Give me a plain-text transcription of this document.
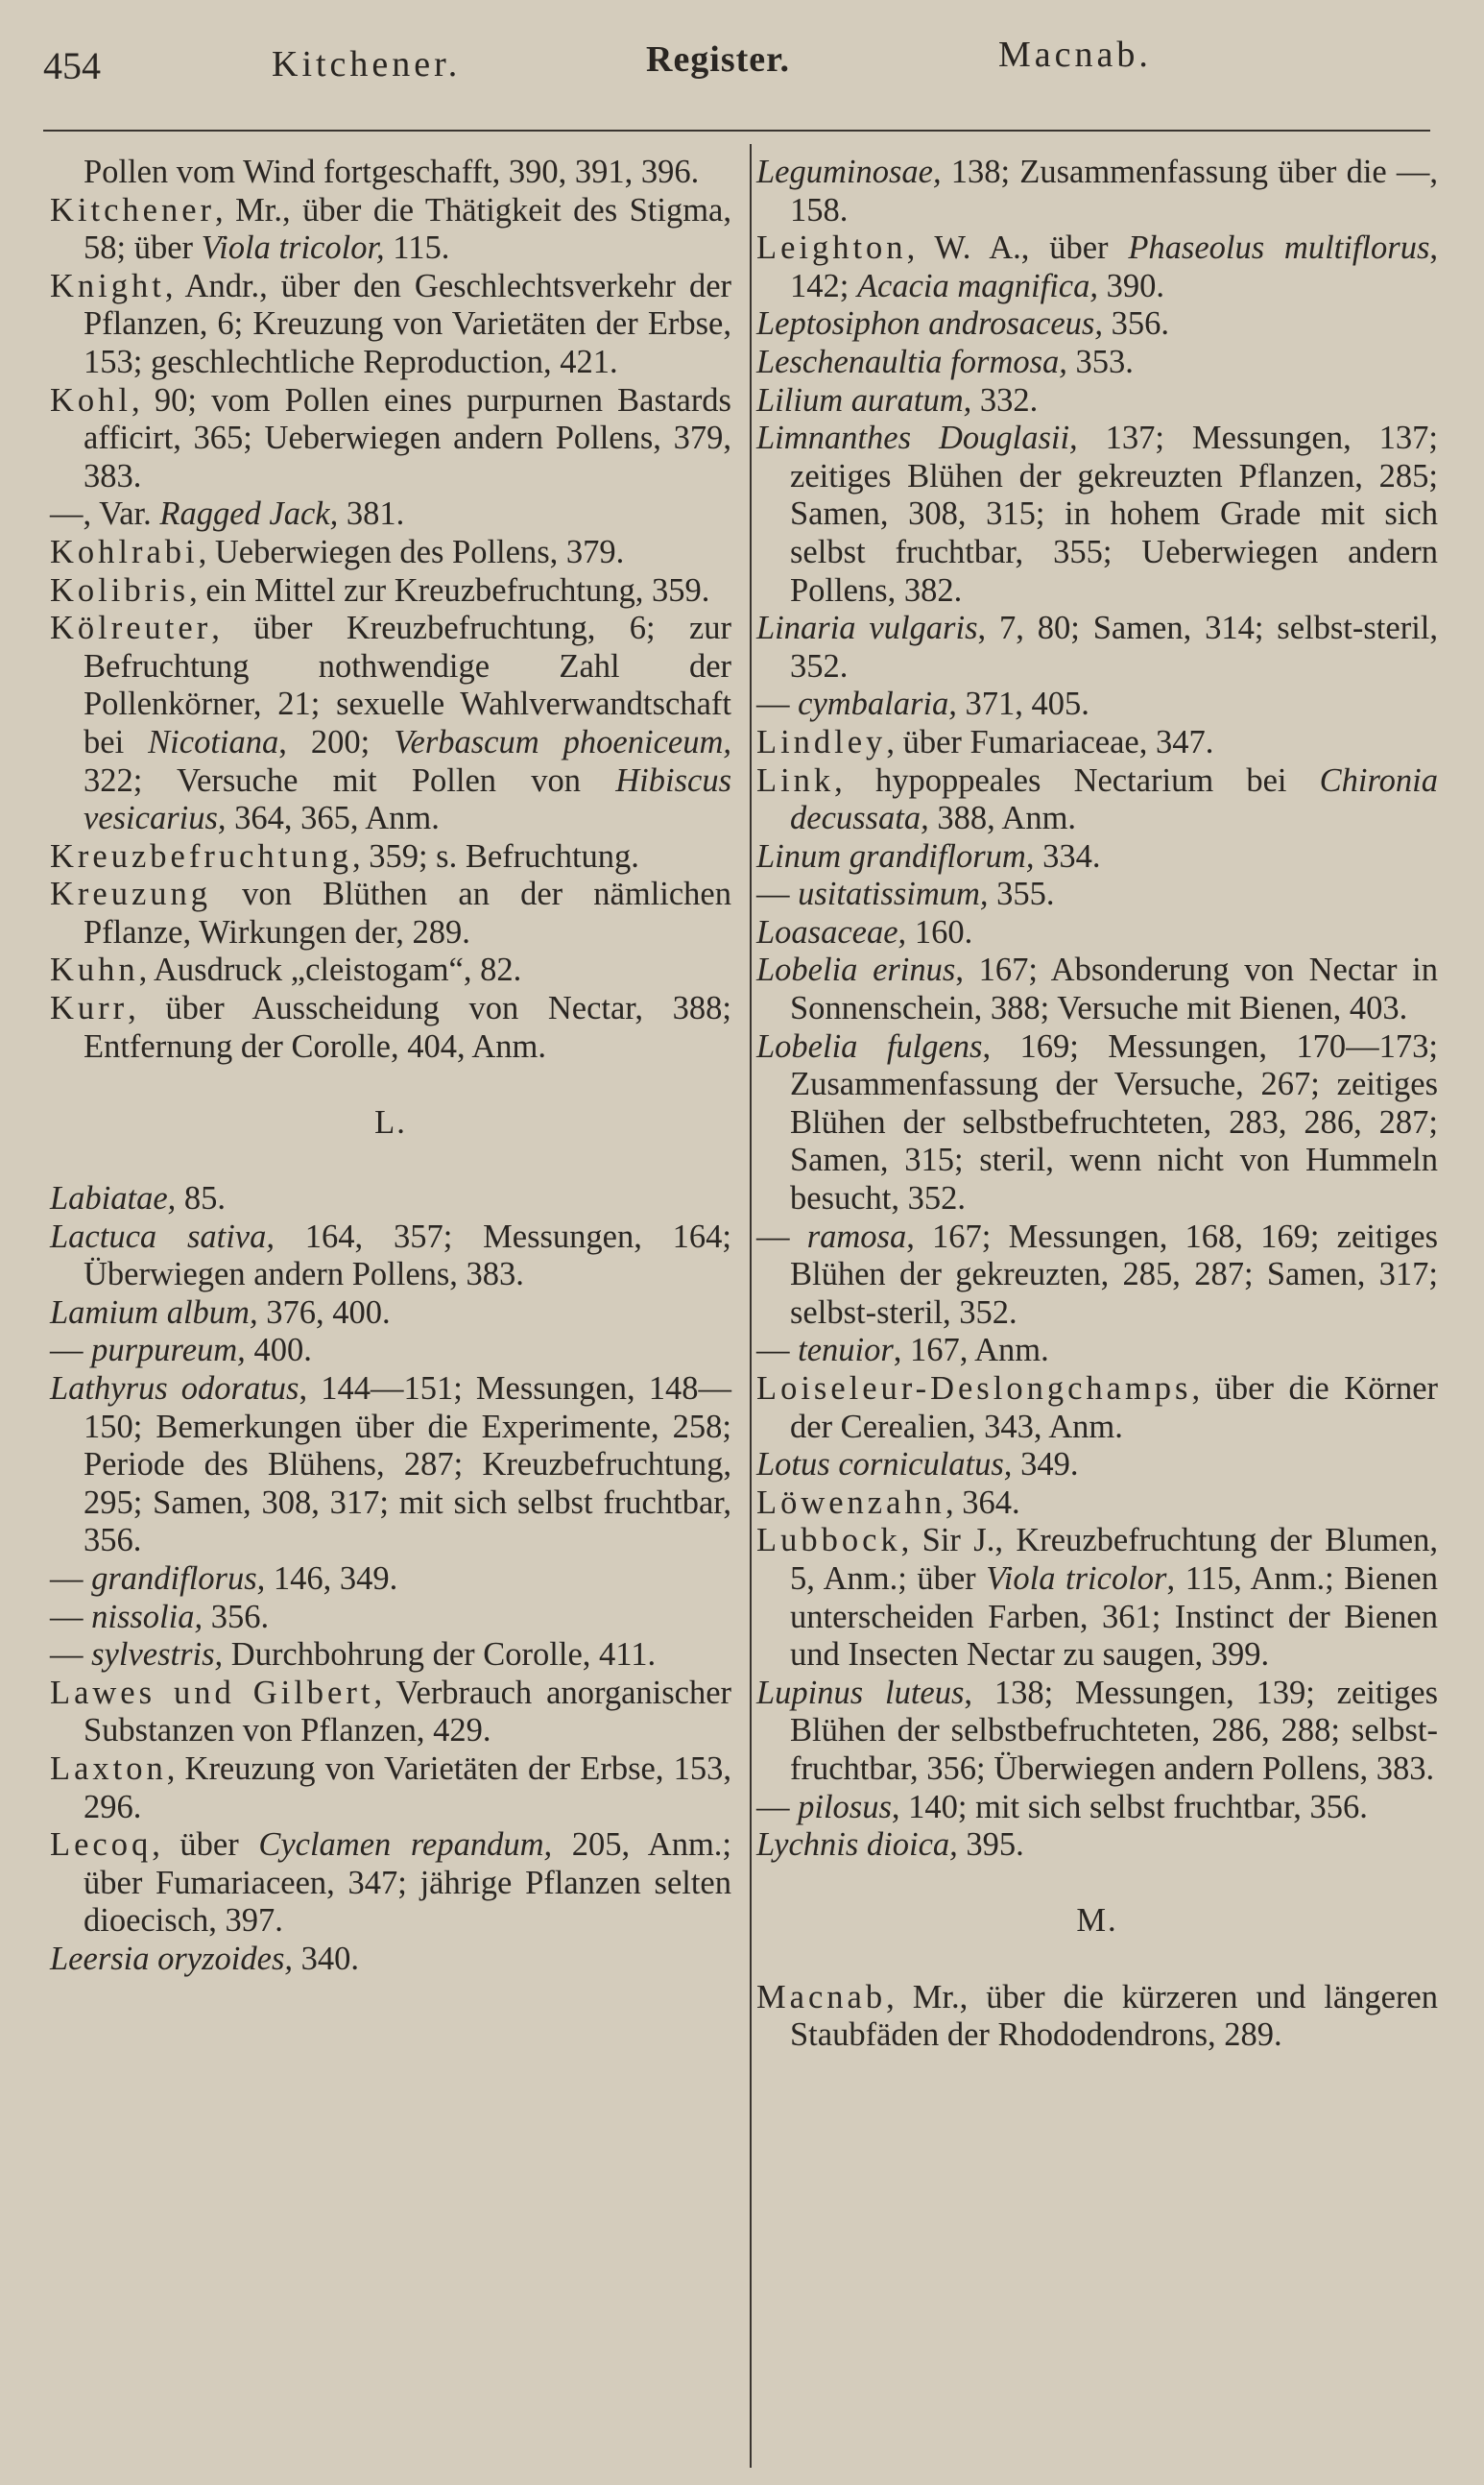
454	Kitchener.	Register.	Macnab.
Pollen vom Wind fortgeschafft, 390, 391, 396.
Kitchener, Mr., über die Thätigkeit des Stigma, 58; über Viola tricolor, 115.
Knight, Andr., über den Geschlechtsverkehr der Pflanzen, 6; Kreuzung von Varietäten der Erbse, 153; geschlechtliche Reproduction, 421.
Kohl, 90; vom Pollen eines purpurnen Bastards afficirt, 365; Ueberwiegen andern Pollens, 379, 383.
—, Var. Ragged Jack, 381.
Kohlrabi, Ueberwiegen des Pollens, 379.
Kolibris, ein Mittel zur Kreuzbefruchtung, 359.
Kölreuter, über Kreuzbefruchtung, 6; zur Befruchtung nothwendige Zahl der Pollenkörner, 21; sexuelle Wahlverwandtschaft bei Nicotiana, 200; Verbascum phoeniceum, 322; Versuche mit Pollen von Hibiscus vesicarius, 364, 365, Anm.
Kreuzbefruchtung, 359; s. Befruchtung.
Kreuzung von Blüthen an der nämlichen Pflanze, Wirkungen der, 289.
Kuhn, Ausdruck „cleistogam“, 82.
Kurr, über Ausscheidung von Nectar, 388; Entfernung der Corolle, 404, Anm.
L.
Labiatae, 85.
Lactuca sativa, 164, 357; Messungen, 164; Überwiegen andern Pollens, 383.
Lamium album, 376, 400.
— purpureum, 400.
Lathyrus odoratus, 144—151; Messungen, 148—150; Bemerkungen über die Experimente, 258; Periode des Blühens, 287; Kreuzbefruchtung, 295; Samen, 308, 317; mit sich selbst fruchtbar, 356.
— grandiflorus, 146, 349.
— nissolia, 356.
— sylvestris, Durchbohrung der Corolle, 411.
Lawes und Gilbert, Verbrauch anorganischer Substanzen von Pflanzen, 429.
Laxton, Kreuzung von Varietäten der Erbse, 153, 296.
Lecoq, über Cyclamen repandum, 205, Anm.; über Fumariaceen, 347; jährige Pflanzen selten dioecisch, 397.
Leersia oryzoides, 340.
Leguminosae, 138; Zusammenfassung über die —, 158.
Leighton, W. A., über Phaseolus multiflorus, 142; Acacia magnifica, 390.
Leptosiphon androsaceus, 356.
Leschenaultia formosa, 353.
Lilium auratum, 332.
Limnanthes Douglasii, 137; Messungen, 137; zeitiges Blühen der gekreuzten Pflanzen, 285; Samen, 308, 315; in hohem Grade mit sich selbst fruchtbar, 355; Ueberwiegen andern Pollens, 382.
Linaria vulgaris, 7, 80; Samen, 314; selbst-steril, 352.
— cymbalaria, 371, 405.
Lindley, über Fumariaceae, 347.
Link, hypoppeales Nectarium bei Chironia decussata, 388, Anm.
Linum grandiflorum, 334.
— usitatissimum, 355.
Loasaceae, 160.
Lobelia erinus, 167; Absonderung von Nectar in Sonnenschein, 388; Versuche mit Bienen, 403.
Lobelia fulgens, 169; Messungen, 170—173; Zusammenfassung der Versuche, 267; zeitiges Blühen der selbstbefruchteten, 283, 286, 287; Samen, 315; steril, wenn nicht von Hummeln besucht, 352.
— ramosa, 167; Messungen, 168, 169; zeitiges Blühen der gekreuzten, 285, 287; Samen, 317; selbst-steril, 352.
— tenuior, 167, Anm.
Loiseleur-Deslongchamps, über die Körner der Cerealien, 343, Anm.
Lotus corniculatus, 349.
Löwenzahn, 364.
Lubbock, Sir J., Kreuzbefruchtung der Blumen, 5, Anm.; über Viola tricolor, 115, Anm.; Bienen unterscheiden Farben, 361; Instinct der Bienen und Insecten Nectar zu saugen, 399.
Lupinus luteus, 138; Messungen, 139; zeitiges Blühen der selbstbefruchteten, 286, 288; selbst-fruchtbar, 356; Überwiegen andern Pollens, 383.
— pilosus, 140; mit sich selbst fruchtbar, 356.
Lychnis dioica, 395.
M.
Macnab, Mr., über die kürzeren und längeren Staubfäden der Rhododendrons, 289.
